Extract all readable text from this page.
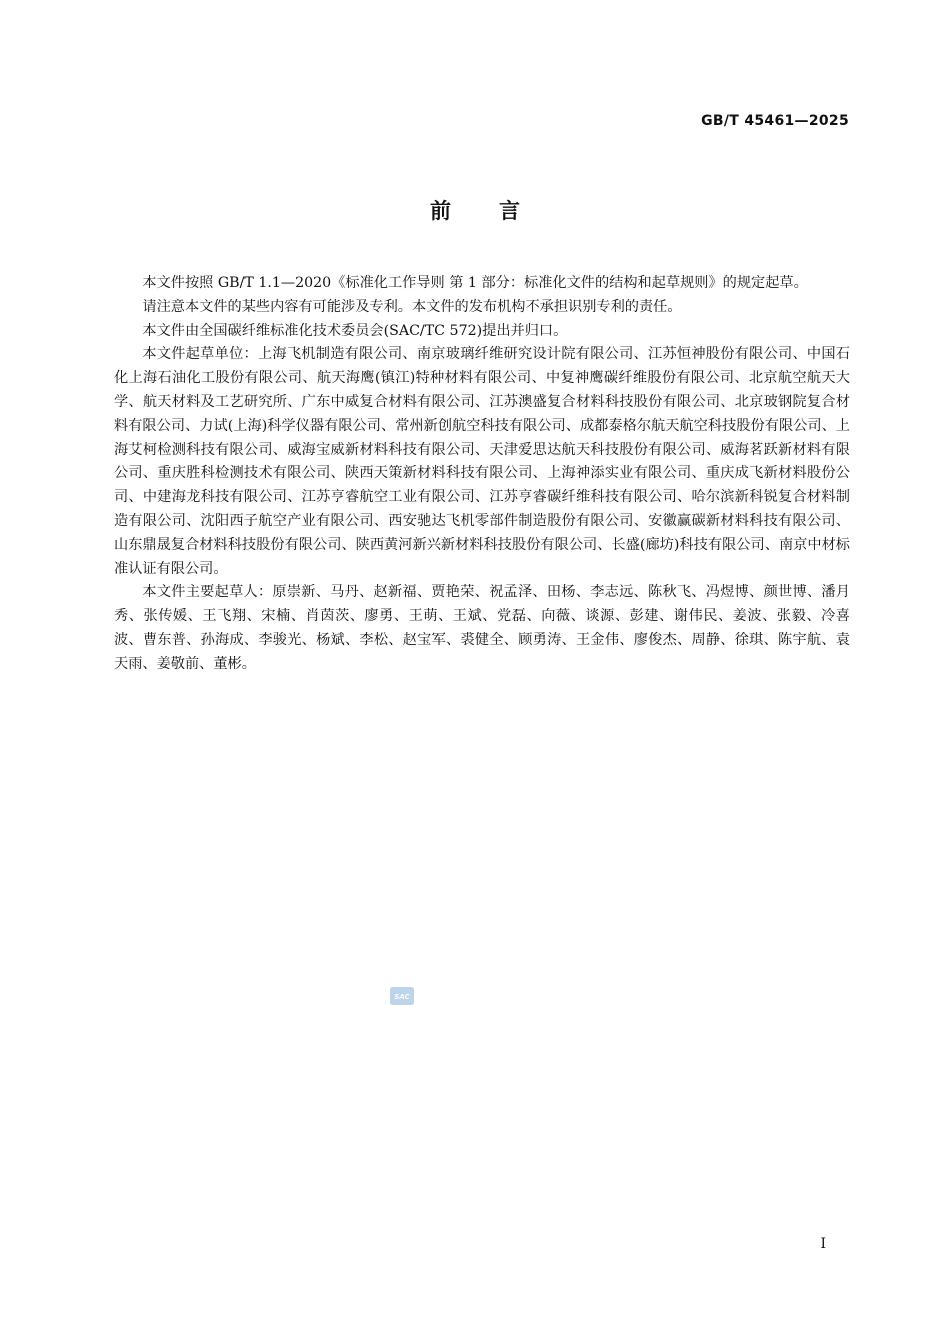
GB/T 45461—2025
前言

本文件按照 GB/T 1.1—2020《标准化工作导则 第 1 部分：标准化文件的结构和起草规则》的规定起草。

请注意本文件的某些内容有可能涉及专利。本文件的发布机构不承担识别专利的责任。

本文件由全国碳纤维标准化技术委员会(SAC/TC 572)提出并归口。

本文件起草单位：上海飞机制造有限公司、南京玻璃纤维研究设计院有限公司、江苏恒神股份有限公司、中国石化上海石油化工股份有限公司、航天海鹰(镇江)特种材料有限公司、中复神鹰碳纤维股份有限公司、北京航空航天大学、航天材料及工艺研究所、广东中威复合材料有限公司、江苏澳盛复合材料科技股份有限公司、北京玻钢院复合材料有限公司、力试(上海)科学仪器有限公司、常州新创航空科技有限公司、成都泰格尔航天航空科技股份有限公司、上海艾柯检测科技有限公司、威海宝威新材料科技有限公司、天津爱思达航天科技股份有限公司、威海茗跃新材料有限公司、重庆胜科检测技术有限公司、陕西天策新材料科技有限公司、上海神添实业有限公司、重庆成飞新材料股份公司、中建海龙科技有限公司、江苏亨睿航空工业有限公司、江苏亨睿碳纤维科技有限公司、哈尔滨新科锐复合材料制造有限公司、沈阳西子航空产业有限公司、西安驰达飞机零部件制造股份有限公司、安徽赢碳新材料科技有限公司、山东鼎晟复合材料科技股份有限公司、陕西黄河新兴新材料科技股份有限公司、长盛(廊坊)科技有限公司、南京中材标准认证有限公司。

本文件主要起草人：原崇新、马丹、赵新福、贾艳荣、祝孟泽、田杨、李志远、陈秋飞、冯煜博、颜世博、潘月秀、张传媛、王飞翔、宋楠、肖茵茨、廖勇、王萌、王斌、党磊、向薇、谈源、彭建、谢伟民、姜波、张毅、冷喜波、曹东普、孙海成、李骏光、杨斌、李松、赵宝军、裘健全、顾勇涛、王金伟、廖俊杰、周静、徐琪、陈宇航、袁天雨、姜敬前、董彬。

SAC
I
